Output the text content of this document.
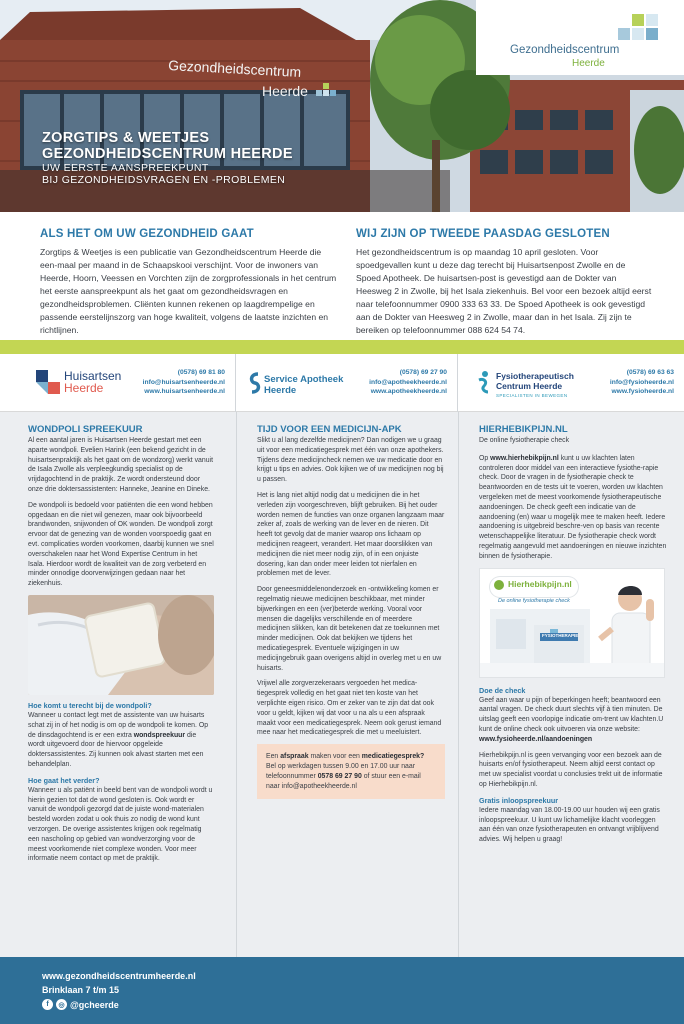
Gezondheidscentrum
Heerde
ZORGTIPS & WEETJES
GEZONDHEIDSCENTRUM HEERDE
UW EERSTE AANSPREEKPUNT
BIJ GEZONDHEIDSVRAGEN EN -PROBLEMEN
Gezondheidscentrum
Heerde
ALS HET OM UW GEZONDHEID GAAT

Zorgtips & Weetjes is een publicatie van Gezondheidscentrum Heerde die een-maal per maand in de Schaapskooi verschijnt. Voor de inwoners van Heerde, Hoorn, Veessen en Vorchten zijn de zorgprofessionals in het centrum het eerste aanspreekpunt als het gaat om gezondheidsvragen en gezondheidsproblemen. Cliënten kunnen rekenen op laagdrempelige en passende eerstelijnszorg van hoge kwaliteit, volgens de laatste inzichten en richtlijnen.

WIJ ZIJN OP TWEEDE PAASDAG GESLOTEN

Het gezondheidscentrum is op maandag 10 april gesloten. Voor spoedgevallen kunt u deze dag terecht bij Huisartsenpost Zwolle en de Spoed Apotheek. De huisartsen-post is gevestigd aan de Dokter van Heesweg 2 in Zwolle, bij het Isala ziekenhuis. Bel voor een bezoek altijd eerst naar telefoonnummer 0900 333 63 33. De Spoed Apotheek is ook gevestigd aan de Dokter van Heesweg 2 in Zwolle, maar dan in het Isala. Zij zijn te bereiken op telefoonnummer 088 624 54 74.

Huisartsen
Heerde
(0578) 69 81 80
info@huisartsenheerde.nl
www.huisartsenheerde.nl
Service Apotheek
Heerde
(0578) 69 27 90
info@apotheekheerde.nl
www.apotheekheerde.nl
Fysiotherapeutisch
Centrum Heerde
SPECIALISTEN IN BEWEGEN
(0578) 69 63 63
info@fysioheerde.nl
www.fysioheerde.nl
WONDPOLI SPREEKUUR

Al een aantal jaren is Huisartsen Heerde gestart met een aparte wondpoli. Evelien Harink (een bekend gezicht in de huisartsenpraktijk als het gaat om de wondzorg) werkt vanuit de Isala Zwolle als verpleegkundig specialist op de vrijdagochtend in de praktijk. Ze wordt ondersteund door onze drie doktersassistenten: Hanneke, Jeanine en Dineke.

De wondpoli is bedoeld voor patiënten die een wond hebben opgedaan en die niet wil genezen, maar ook bijvoorbeeld brandwonden, snijwonden of OK wonden. De wondpoli zorgt ervoor dat de genezing van de wonden voorspoedig gaat en evt. complicaties worden voorkomen, daarbij kunnen we snel overschakelen naar het Wond Expertise Centrum in het Isala. Hierdoor wordt de kwaliteit van de zorg verbeterd en minder onnodige doorverwijzingen gedaan naar het ziekenhuis.

Hoe komt u terecht bij de wondpoli?

Wanneer u contact legt met de assistente van uw huisarts schat zij in of het nodig is om op de wondpoli te komen. Op de dinsdagochtend is er een extra wondspreekuur die wordt uitgevoerd door de hiervoor opgeleide doktersassistentes. Zij kunnen ook alvast starten met een behandelplan.

Hoe gaat het verder?

Wanneer u als patiënt in beeld bent van de wondpoli wordt u hierin gezien tot dat de wond gesloten is. Ook wordt er vanuit de wondpoli gezorgd dat de juiste wond-materialen besteld worden zodat u ook thuis zo nodig de wond kunt verzorgen. De overige assistentes krijgen ook regelmatig een nascholing op gebied van wondverzorging voor de meest voorkomende niet complexe wonden. Voor meer informatie neem contact op met de praktijk.

TIJD VOOR EEN MEDICIJN-APK

Slikt u al lang dezelfde medicijnen? Dan nodigen we u graag uit voor een medicatiegesprek met één van onze apothekers. Tijdens deze medicijncheck nemen we uw medicatie door en krijgt u tips en advies. Ook kijken we of uw medicijnen nog bij u passen.

Het is lang niet altijd nodig dat u medicijnen die in het verleden zijn voorgeschreven, blijft gebruiken. Bij het ouder worden nemen de functies van onze organen langzaam maar zeker af, zoals de werking van de lever en de nieren. Dit heeft tot gevolg dat de manier waarop ons lichaam op medicijnen reageert, verandert. Het maar doorslikken van medicijnen die niet meer nodig zijn, of in een onjuiste dosering, kan dan onder meer leiden tot nierfalen en problemen met de lever.

Door geneesmiddelenonderzoek en -ontwikkeling komen er regelmatig nieuwe medicijnen beschikbaar, met minder bijwerkingen en een (ver)beterde werking. Vooral voor mensen die dagelijks verschillende en of meerdere medicijnen slikken, kan dit betekenen dat ze toekunnen met minder medicijnen. Ook dat bekijken we tijdens het medicatiegesprek. Eventuele wijzigingen in uw medicijngebruik gaan overigens altijd in overleg met u en uw huisarts.

Vrijwel alle zorgverzekeraars vergoeden het medica-tiegesprek volledig en het gaat niet ten koste van het verplichte eigen risico. Om er zeker van te zijn dat dat ook voor u geldt, kijken wij dat voor u na als u een afspraak maakt voor een medicatiegesprek. Neem ook gerust iemand mee naar het medicatiegesprek die met u meeluistert.

Een afspraak maken voor een medicatiegesprek?
Bel op werkdagen tussen 9.00 en 17.00 uur naar telefoonnummer 0578 69 27 90 of stuur een e-mail naar info@apotheekheerde.nl

HIERHEBIKPIJN.NL

De online fysiotherapie check

Op www.hierhebikpijn.nl kunt u uw klachten laten controleren door middel van een interactieve fysiothe-rapie check. Door de vragen in de fysiotherapie check te beantwoorden en de tests uit te voeren, worden uw klachten vergeleken met de meest voorkomende fysiotherapeutische aandoeningen. De check geeft een indicatie van de aandoening (en) waar u mogelijk mee te maken heeft. Iedere aandoening is uitgebreid beschre-ven op basis van recente wetenschappelijke literatuur. De fysiotherapie check wordt regelmatig aangevuld met aandoeningen en nieuwe inzichten binnen de fysiotherapie.

Hierhebikpijn.nl
De online fysiotherapie check
FYSIOTHERAPIE
Doe de check

Geef aan waar u pijn of beperkingen heeft; beantwoord een aantal vragen. De check duurt slechts vijf à tien minuten. De uitslag geeft een voorlopige indicatie om-trent uw klachten.U kunt de online check ook uitvoeren via onze website: www.fysioheerde.nl/aandoeningen

Hierhebikpijn.nl is geen vervanging voor een bezoek aan de huisarts en/of fysiotherapeut. Neem altijd eerst contact op met uw specialist voordat u conclusies trekt uit de informatie op Hierhebikpijn.nl.

Gratis inloopspreekuur

Iedere maandag van 18.00-19.00 uur houden wij een gratis inloopspreekuur. U kunt uw lichamelijke klacht voorleggen aan één van onze fysiotherapeuten en ontvangt vrijblijvend advies. Wij helpen u graag!

www.gezondheidscentrumheerde.nl
Brinklaan 7 t/m 15
f	◎ @gcheerde
